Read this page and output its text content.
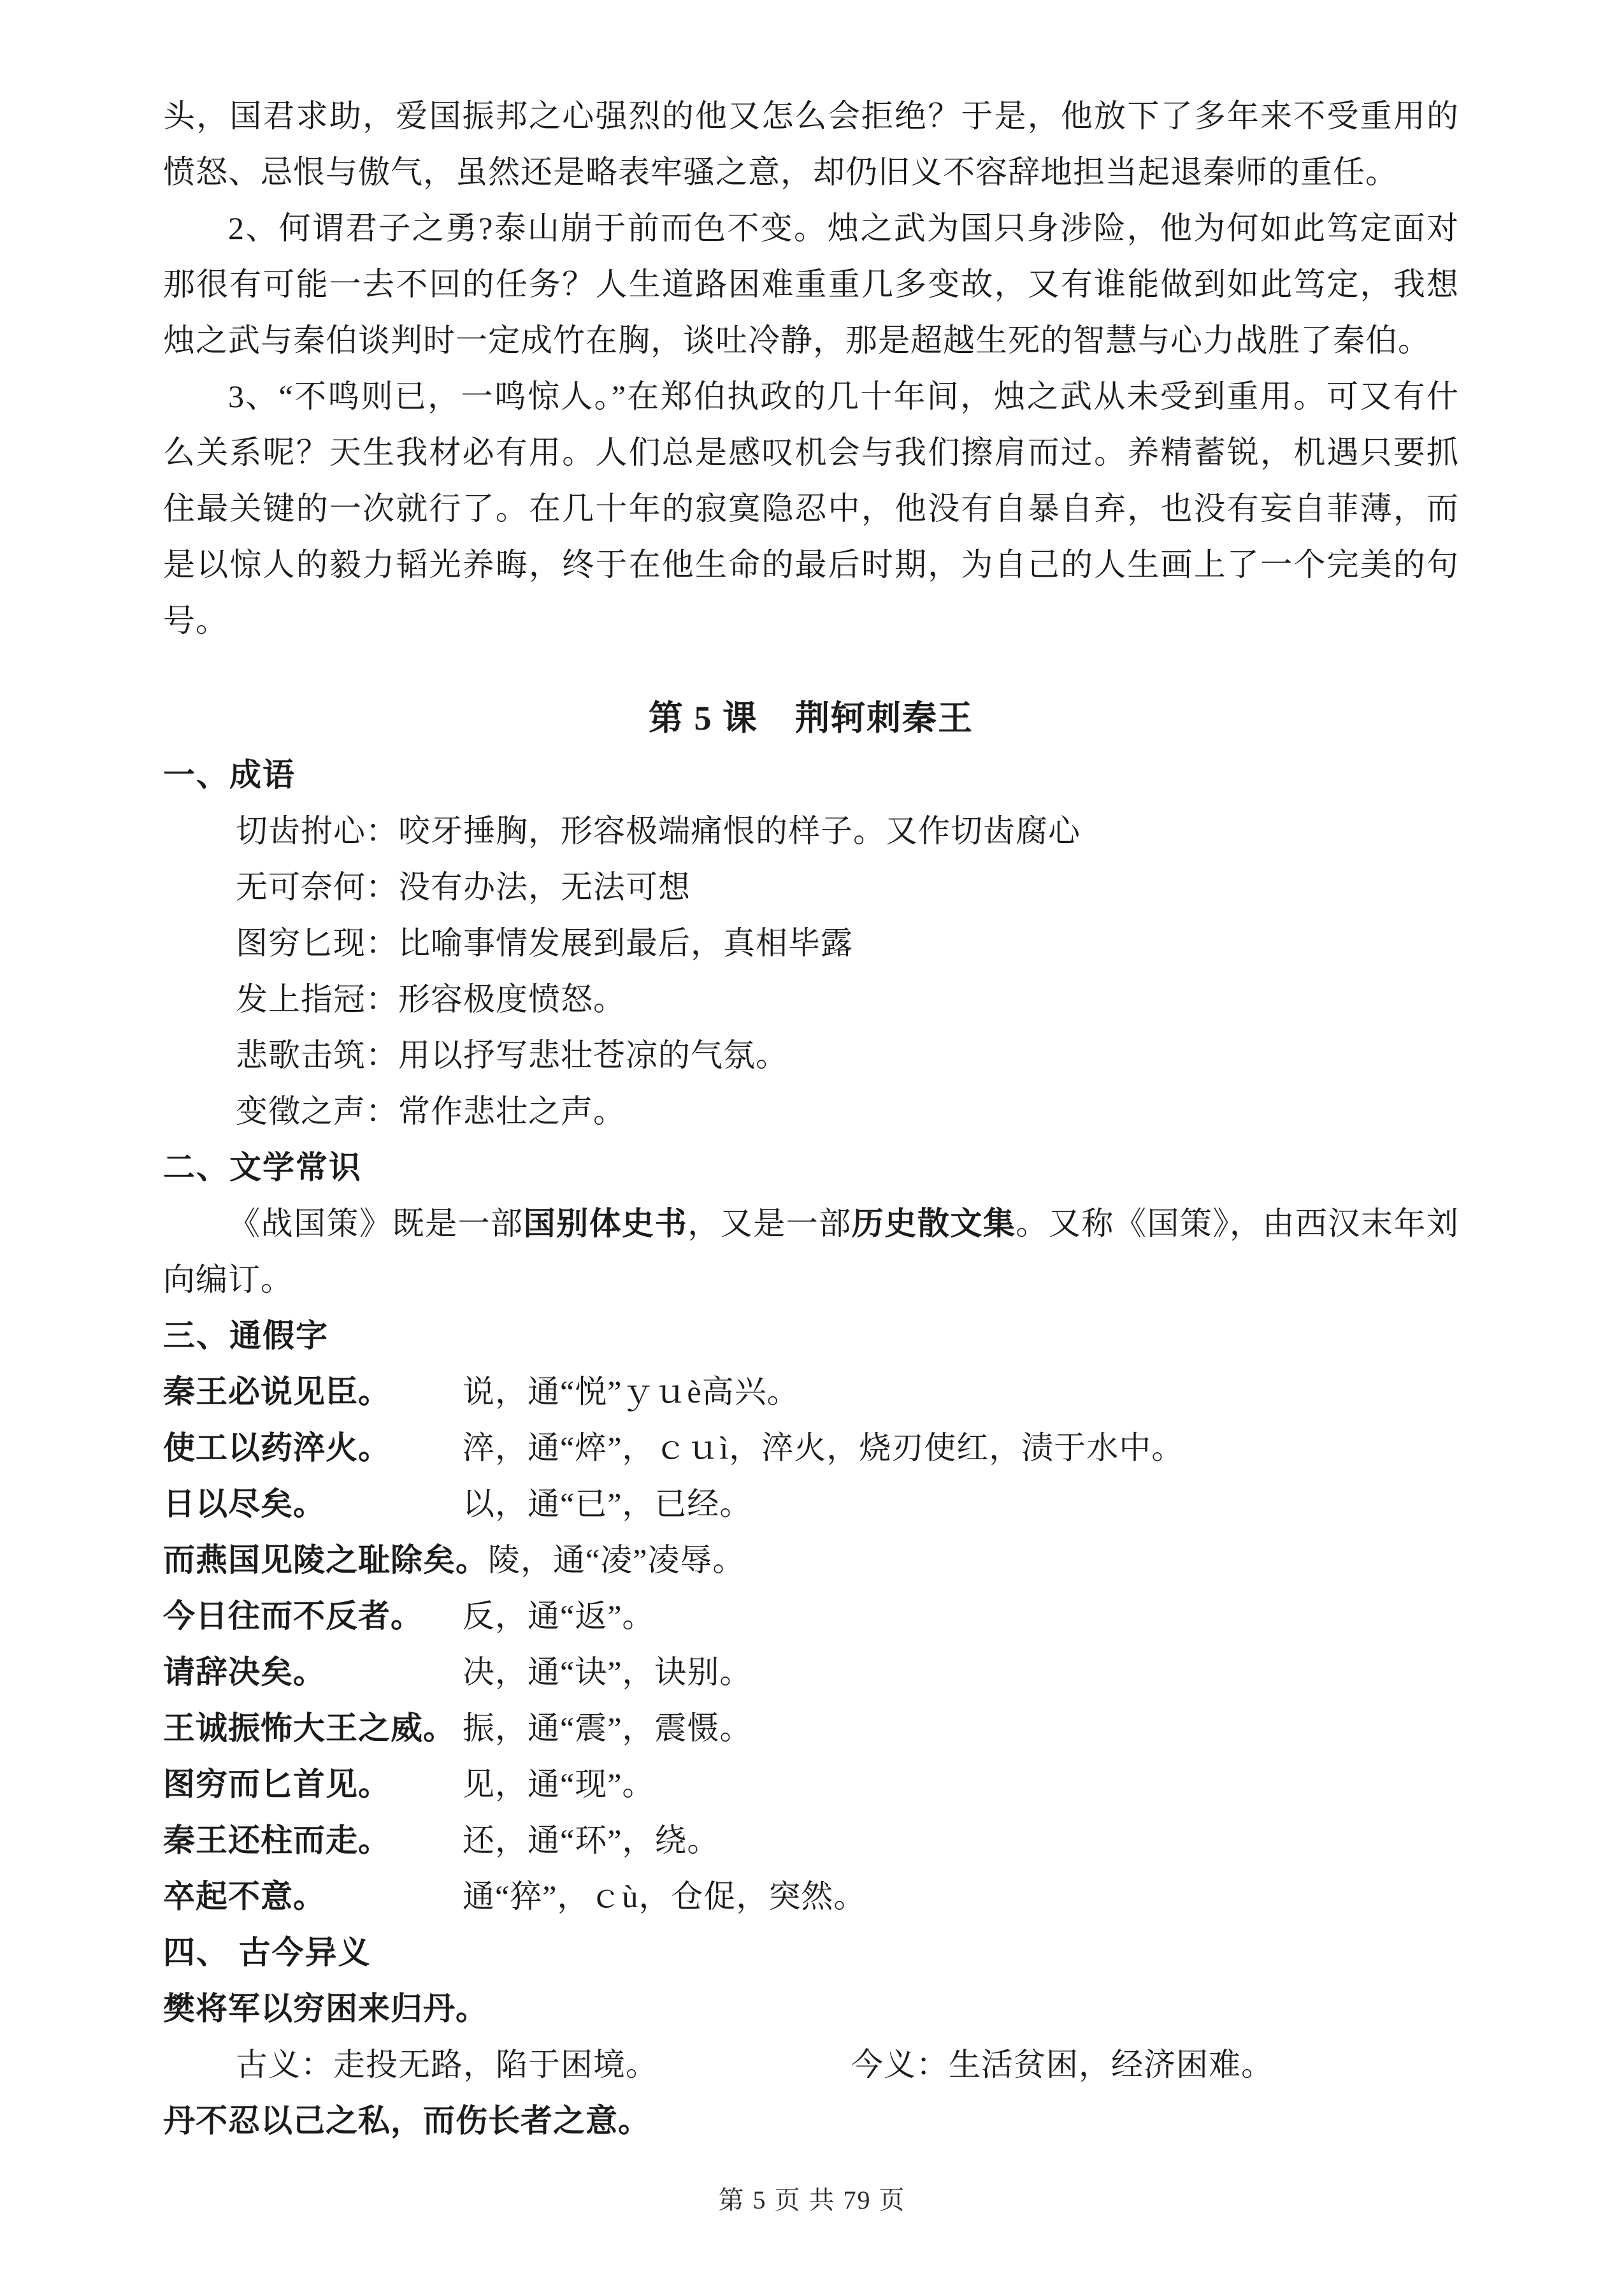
头，国君求助，爱国振邦之心强烈的他又怎么会拒绝？于是，他放下了多年来不受重用的愤怒、忌恨与傲气，虽然还是略表牢骚之意，却仍旧义不容辞地担当起退秦师的重任。

2、何谓君子之勇?泰山崩于前而色不变。烛之武为国只身涉险，他为何如此笃定面对那很有可能一去不回的任务？人生道路困难重重几多变故，又有谁能做到如此笃定，我想烛之武与秦伯谈判时一定成竹在胸，谈吐冷静，那是超越生死的智慧与心力战胜了秦伯。

3、“不鸣则已，一鸣惊人。”在郑伯执政的几十年间，烛之武从未受到重用。可又有什么关系呢？天生我材必有用。人们总是感叹机会与我们擦肩而过。养精蓄锐，机遇只要抓住最关键的一次就行了。在几十年的寂寞隐忍中，他没有自暴自弃，也没有妄自菲薄，而是以惊人的毅力韬光养晦，终于在他生命的最后时期，为自己的人生画上了一个完美的句号。

第 5 课 荆轲刺秦王
一、成语

切齿拊心：咬牙捶胸，形容极端痛恨的样子。又作切齿腐心

无可奈何：没有办法，无法可想

图穷匕现：比喻事情发展到最后，真相毕露

发上指冠：形容极度愤怒。

悲歌击筑：用以抒写悲壮苍凉的气氛。

变徵之声：常作悲壮之声。

二、文学常识

《战国策》既是一部国别体史书，又是一部历史散文集。又称《国策》，由西汉末年刘向编订。

三、通假字
秦王必说见臣。	说，通“悦”ｙｕè高兴。
使工以药淬火。	淬，通“焠”，ｃｕì，淬火，烧刃使红，渍于水中。
日以尽矣。	以，通“已”，已经。
而燕国见陵之耻除矣。 陵，通“凌”凌辱。
今日往而不反者。	反，通“返”。
请辞决矣。	决，通“诀”，诀别。
王诚振怖大王之威。 振，通“震”，震慑。
图穷而匕首见。	见，通“现”。
秦王还柱而走。	还，通“环”，绕。
卒起不意。	通“猝”，ｃù，仓促，突然。
四、 古今异义

樊将军以穷困来归丹。

古义：走投无路，陷于困境。	今义：生活贫困，经济困难。

丹不忍以己之私，而伤长者之意。

第 5 页 共 79 页
